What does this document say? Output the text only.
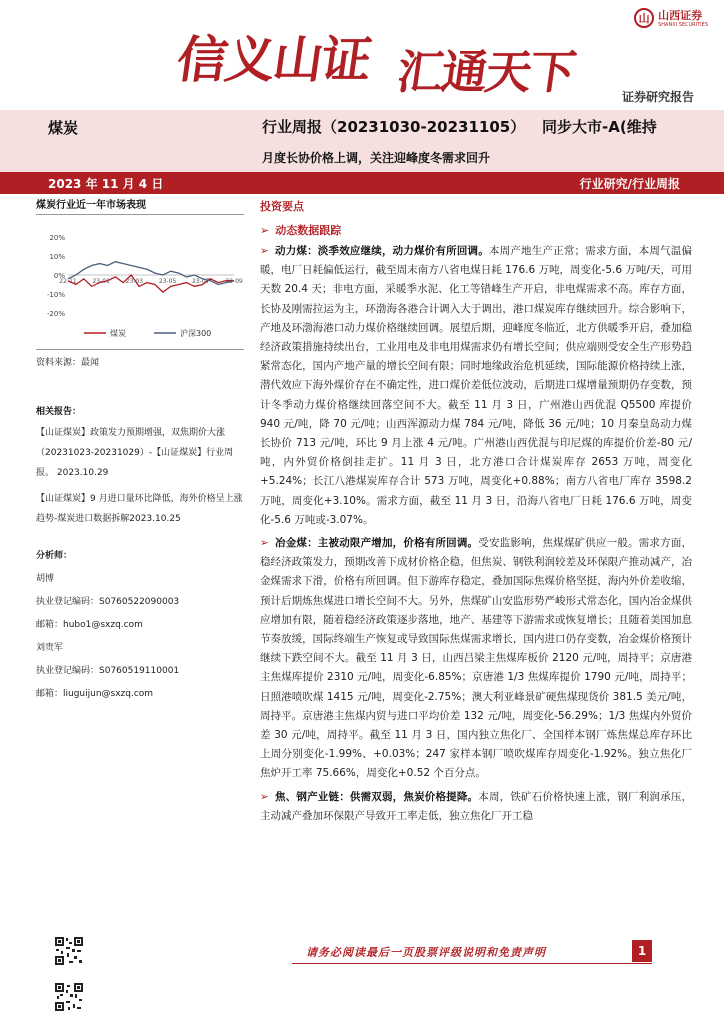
信义山证 汇通天下
山 山西证券
SHANXI SECURITIES
证券研究报告
煤炭	行业周报（20231030-20231105） 同步大市-A(维持
月度长协价格上调，关注迎峰度冬需求回升
2023 年 11 月 4 日	行业研究/行业周报
煤炭行业近一年市场表现
20%
10%
0%
-10%
-20%
22-11	23-01	23-03	23-05	23-07	23-09
煤炭	沪深300
资料来源：最闻
相关报告：

【山证煤炭】政策发力预期增强，双焦期价大涨（20231023-20231029）-【山证煤炭】行业周报。 2023.10.29

【山证煤炭】9 月进口量环比降低，海外价格呈上涨趋势-煤炭进口数据拆解2023.10.25

分析师：
胡博
执业登记编码：S0760522090003
邮箱：hubo1@sxzq.com
刘贵军
执业登记编码：S0760519110001
邮箱：liuguijun@sxzq.com
投资要点
➢ 动态数据跟踪
➢ 动力煤：淡季效应继续，动力煤价有所回调。本周产地生产正常；需求方面，本周气温偏暖，电厂日耗偏低运行，截至周末南方八省电煤日耗 176.6 万吨，周变化-5.6 万吨/天，可用天数 20.4 天；非电方面，采暖季水泥、化工等错峰生产开启，非电煤需求不高。库存方面，长协及刚需拉运为主，环渤海各港合计调入大于调出，港口煤炭库存继续回升。综合影响下，产地及环渤海港口动力煤价格继续回调。展望后期，迎峰度冬临近，北方供暖季开启，叠加稳经济政策措施持续出台，工业用电及非电用煤需求仍有增长空间；供应端则受安全生产形势趋紧常态化，国内产地产量的增长空间有限；同时地缘政治危机延续，国际能源价格持续上涨，潜代效应下海外煤价存在不确定性，进口煤价差低位波动，后期进口煤增量预期仍存变数，预计冬季动力煤价格继续回落空间不大。截至 11 月 3 日，广州港山西优混 Q5500 库提价 940 元/吨，降 70 元/吨；山西浑源动力煤 784 元/吨，降低 36 元/吨；10 月秦皇岛动力煤长协价 713 元/吨，环比 9 月上涨 4 元/吨。广州港山西优混与印尼煤的库提价价差-80 元/吨，内外贸价格倒挂走扩。11 月 3 日，北方港口合计煤炭库存 2653 万吨，周变化+5.24%；长江八港煤炭库存合计 573 万吨，周变化+0.88%；南方八省电厂库存 3598.2 万吨，周变化+3.10%。需求方面，截至 11 月 3 日，沿海八省电厂日耗 176.6 万吨，周变化-5.6 万吨或-3.07%。
➢ 冶金煤：主被动限产增加，价格有所回调。受安监影响，焦煤煤矿供应一般。需求方面，稳经济政策发力，预期改善下成材价格企稳，但焦炭、钢铁利润较差及环保限产推动减产，冶金煤需求下滑，价格有所回调。但下游库存稳定，叠加国际焦煤价格坚挺，海内外价差收缩，预计后期炼焦煤进口增长空间不大。另外，焦煤矿山安监形势严峻形式常态化，国内冶金煤供应增加有限，随着稳经济政策逐步落地，地产、基建等下游需求或恢复增长；且随着美国加息节奏放缓，国际终端生产恢复或导致国际焦煤需求增长，国内进口仍存变数，冶金煤价格预计继续下跌空间不大。截至 11 月 3 日，山西吕梁主焦煤库板价 2120 元/吨，周持平；京唐港主焦煤库提价 2310 元/吨，周变化-6.85%；京唐港 1/3 焦煤库提价 1790 元/吨，周持平；日照港喷吹煤 1415 元/吨，周变化-2.75%；澳大利亚峰景矿硬焦煤现货价 381.5 美元/吨，周持平。京唐港主焦煤内贸与进口平均价差 132 元/吨，周变化-56.29%；1/3 焦煤内外贸价差 30 元/吨，周持平。截至 11 月 3 日，国内独立焦化厂、全国样本钢厂炼焦煤总库存环比上周分别变化-1.99%、+0.03%；247 家样本钢厂喷吹煤库存周变化-1.92%。独立焦化厂焦炉开工率 75.66%，周变化+0.52 个百分点。
➢ 焦、钢产业链：供需双弱，焦炭价格提降。本周，铁矿石价格快速上涨，钢厂利润承压，主动减产叠加环保限产导致开工率走低，独立焦化厂开工稳
请务必阅读最后一页股票评级说明和免责声明	1
